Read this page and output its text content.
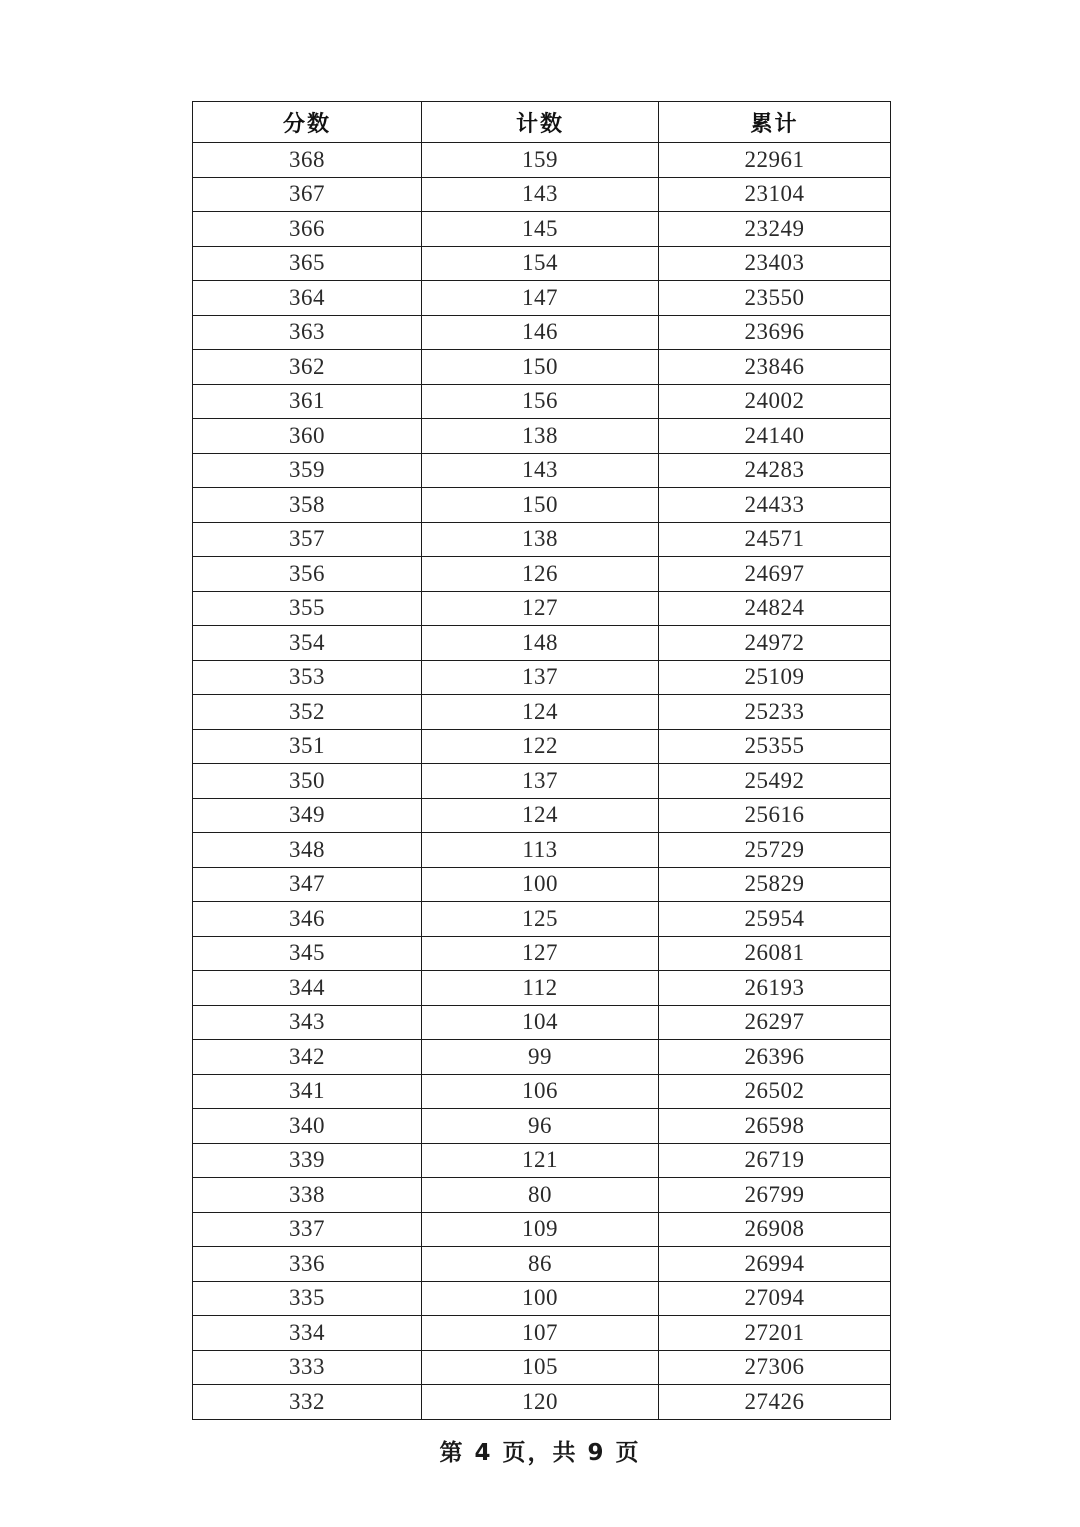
分数	计数	累计
368	159	22961
367	143	23104
366	145	23249
365	154	23403
364	147	23550
363	146	23696
362	150	23846
361	156	24002
360	138	24140
359	143	24283
358	150	24433
357	138	24571
356	126	24697
355	127	24824
354	148	24972
353	137	25109
352	124	25233
351	122	25355
350	137	25492
349	124	25616
348	113	25729
347	100	25829
346	125	25954
345	127	26081
344	112	26193
343	104	26297
342	99	26396
341	106	26502
340	96	26598
339	121	26719
338	80	26799
337	109	26908
336	86	26994
335	100	27094
334	107	27201
333	105	27306
332	120	27426
第 4 页，共 9 页
